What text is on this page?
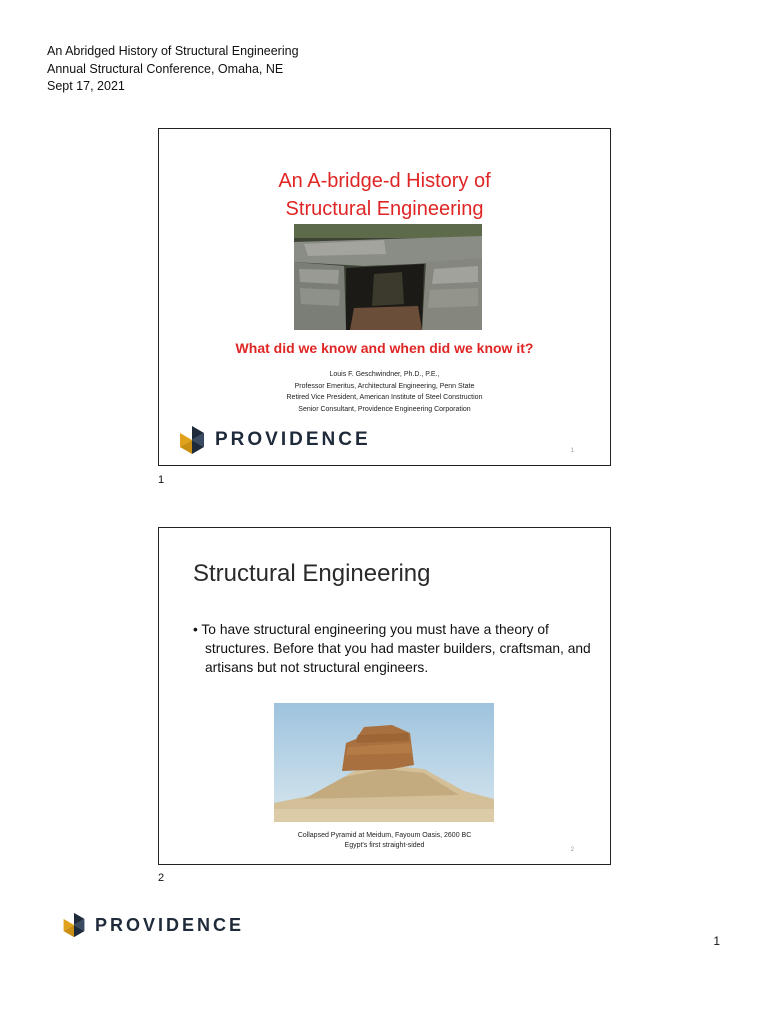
An Abridged History of Structural Engineering
Annual Structural Conference, Omaha, NE
Sept 17, 2021
An A-bridge-d History of
Structural Engineering
What did we know and when did we know it?
Louis F. Geschwindner, Ph.D., P.E.,
Professor Emeritus, Architectural Engineering, Penn State
Retired Vice President, American Institute of Steel Construction
Senior Consultant, Providence Engineering Corporation
PROVIDENCE
1
1
Structural Engineering
• To have structural engineering you must have a theory of structures. Before that you had master builders, craftsman, and artisans but not structural engineers.
Collapsed Pyramid at Meidum, Fayoum Oasis, 2600 BC
Egypt's first straight-sided
2
2
PROVIDENCE
1
